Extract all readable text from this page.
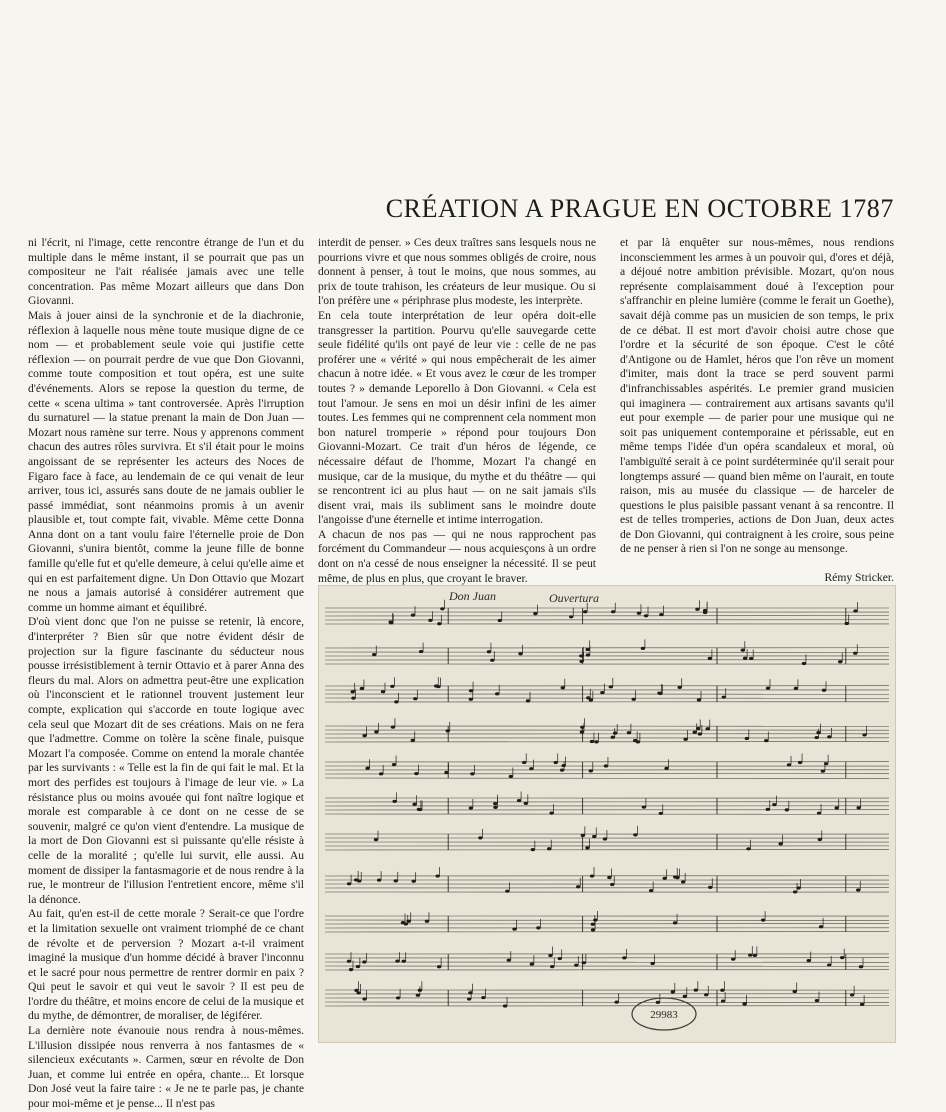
CRÉATION A PRAGUE EN OCTOBRE 1787

ni l'écrit, ni l'image, cette rencontre étrange de l'un et du multiple dans le même instant, il se pourrait que pas un compositeur ne l'ait réalisée jamais avec une telle concentration. Pas même Mozart ailleurs que dans Don Giovanni.

Mais à jouer ainsi de la synchronie et de la diachronie, réflexion à laquelle nous mène toute musique digne de ce nom — et probablement seule voie qui justifie cette réflexion — on pourrait perdre de vue que Don Giovanni, comme toute composition et tout opéra, est une suite d'événements. Alors se repose la question du terme, de cette « scena ultima » tant controversée. Après l'irruption du surnaturel — la statue prenant la main de Don Juan — Mozart nous ramène sur terre. Nous y apprenons comment chacun des autres rôles survivra. Et s'il était pour le moins angoissant de se représenter les acteurs des Noces de Figaro face à face, au lendemain de ce qui venait de leur arriver, tous ici, assurés sans doute de ne jamais oublier le passé immédiat, sont néanmoins promis à un avenir plausible et, tout compte fait, vivable. Même cette Donna Anna dont on a tant voulu faire l'éternelle proie de Don Giovanni, s'unira bientôt, comme la jeune fille de bonne famille qu'elle fut et qu'elle demeure, à celui qu'elle aime et qui en est parfaitement digne. Un Don Ottavio que Mozart ne nous a jamais autorisé à considérer autrement que comme un homme aimant et équilibré.

D'où vient donc que l'on ne puisse se retenir, là encore, d'interpréter ? Bien sûr que notre évident désir de projection sur la figure fascinante du séducteur nous pousse irrésistiblement à ternir Ottavio et à parer Anna des fleurs du mal. Alors on admettra peut-être une explication où l'inconscient et le rationnel trouvent justement leur compte, explication qui s'accorde en toute logique avec cela seul que Mozart dit de ses créations. Mais on ne fera que l'admettre. Comme on tolère la scène finale, puisque Mozart l'a composée. Comme on entend la morale chantée par les survivants : « Telle est la fin de qui fait le mal. Et la mort des perfides est toujours à l'image de leur vie. » La résistance plus ou moins avouée qui font naître logique et morale est comparable à ce dont on ne cesse de se souvenir, malgré ce qu'on vient d'entendre. La musique de la mort de Don Giovanni est si puissante qu'elle résiste à celle de la moralité ; qu'elle lui survit, elle aussi. Au moment de dissiper la fantasmagorie et de nous rendre à la rue, le montreur de l'illusion l'entretient encore, même s'il la dénonce.

Au fait, qu'en est-il de cette morale ? Serait-ce que l'ordre et la limitation sexuelle ont vraiment triomphé de ce chant de révolte et de perversion ? Mozart a-t-il vraiment imaginé la musique d'un homme décidé à braver l'inconnu et le sacré pour nous permettre de rentrer dormir en paix ? Qui peut le savoir et qui veut le savoir ? Il est peu de l'ordre du théâtre, et moins encore de celui de la musique et du mythe, de démontrer, de moraliser, de légiférer.

La dernière note évanouie nous rendra à nous-mêmes. L'illusion dissipée nous renverra à nos fantasmes de « silencieux exécutants ». Carmen, sœur en révolte de Don Juan, et comme lui entrée en opéra, chante... Et lorsque Don José veut la faire taire : « Je ne te parle pas, je chante pour moi-même et je pense... Il n'est pas

interdit de penser. » Ces deux traîtres sans lesquels nous ne pourrions vivre et que nous sommes obligés de croire, nous donnent à penser, à tout le moins, que nous sommes, au prix de toute trahison, les créateurs de leur musique. Ou si l'on préfère une « périphrase plus modeste, les interprète.

En cela toute interprétation de leur opéra doit-elle transgresser la partition. Pourvu qu'elle sauvegarde cette seule fidélité qu'ils ont payé de leur vie : celle de ne pas proférer une « vérité » qui nous empêcherait de les aimer chacun à notre idée. « Et vous avez le cœur de les tromper toutes ? » demande Leporello à Don Giovanni. « Cela est tout l'amour. Je sens en moi un désir infini de les aimer toutes. Les femmes qui ne comprennent cela nomment mon bon naturel tromperie » répond pour toujours Don Giovanni-Mozart. Ce trait d'un héros de légende, ce nécessaire défaut de l'homme, Mozart l'a changé en musique, car de la musique, du mythe et du théâtre — qui se rencontrent ici au plus haut — on ne sait jamais s'ils disent vrai, mais ils subliment sans le moindre doute l'angoisse d'une éternelle et intime interrogation.

A chacun de nos pas — qui ne nous rapprochent pas forcément du Commandeur — nous acquiesçons à un ordre dont on n'a cessé de nous enseigner la nécessité. Il se peut même, de plus en plus, que croyant le braver.

et par là enquêter sur nous-mêmes, nous rendions inconsciemment les armes à un pouvoir qui, d'ores et déjà, a déjoué notre ambition prévisible. Mozart, qu'on nous représente complaisamment doué à l'exception pour s'affranchir en pleine lumière (comme le ferait un Goethe), savait déjà comme pas un musicien de son temps, le prix de ce débat. Il est mort d'avoir choisi autre chose que l'ordre et la sécurité de son époque. C'est le côté d'Antigone ou de Hamlet, héros que l'on rêve un moment d'imiter, mais dont la trace se perd souvent parmi d'infranchissables aspérités. Le premier grand musicien qui imaginera — contrairement aux artisans savants qu'il eut pour exemple — de parier pour une musique qui ne soit pas uniquement contemporaine et périssable, eut en même temps l'idée d'un opéra scandaleux et moral, où l'ambiguïté serait à ce point surdéterminée qu'il serait pour longtemps assuré — quand bien même on l'aurait, en toute raison, mis au musée du classique — de harceler de questions le plus paisible passant venant à sa rencontre. Il est de telles tromperies, actions de Don Juan, deux actes de Don Giovanni, qui contraignent à les croire, sous peine de ne penser à rien si l'on ne songe au mensonge.

Rémy Stricker.

Don Juan	Ouvertura
29983
